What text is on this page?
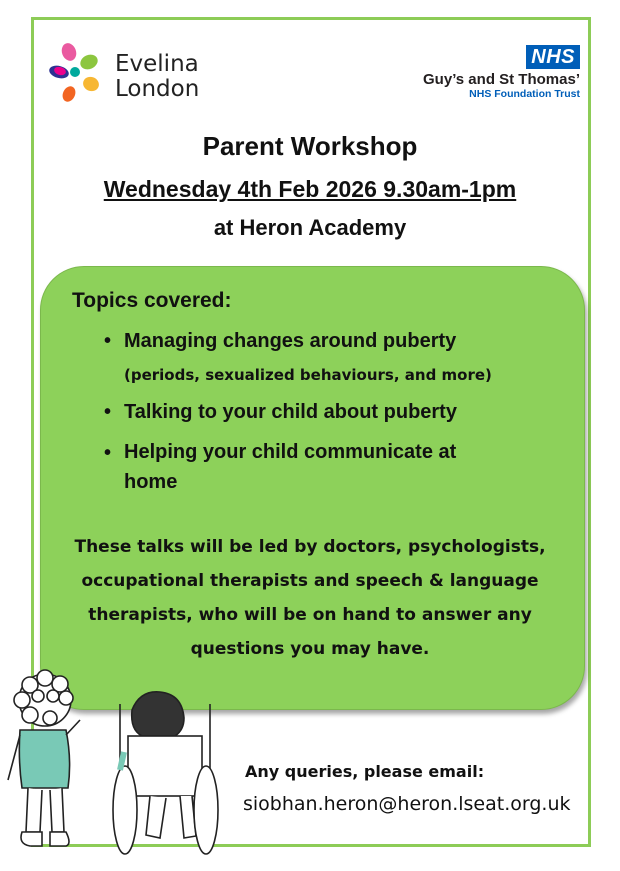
Evelina
London
NHS
Guy’s and St Thomas’
NHS Foundation Trust
Parent Workshop
Wednesday 4th Feb 2026 9.30am-1pm
at Heron Academy
Topics covered:
• Managing changes around puberty
(periods, sexualized behaviours, and more)
• Talking to your child about puberty
• Helping your child communicate at
home
These talks will be led by doctors, psychologists,
occupational therapists and speech & language
therapists, who will be on hand to answer any
questions you may have.
Any queries, please email:
siobhan.heron@heron.lseat.org.uk
